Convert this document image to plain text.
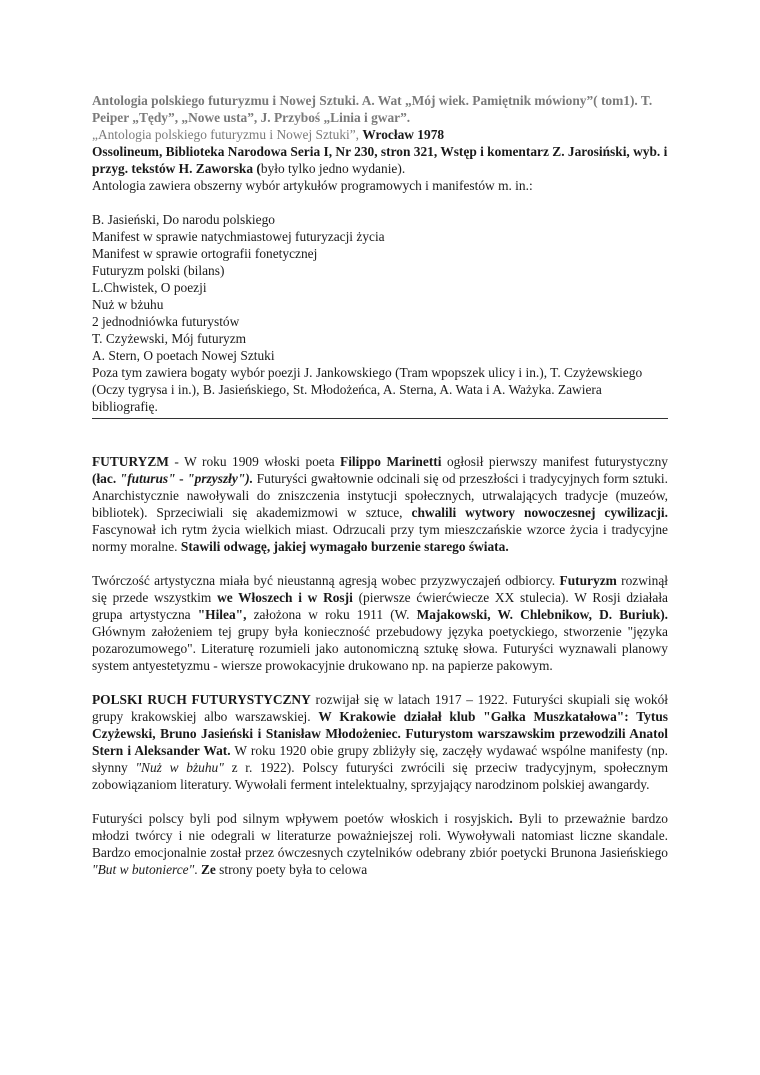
Antologia polskiego futuryzmu i Nowej Sztuki. A. Wat „Mój wiek. Pamiętnik mówiony”( tom1). T. Peiper „Tędy”, „Nowe usta”, J. Przyboś „Linia i gwar”.

„Antologia polskiego futuryzmu i Nowej Sztuki”, Wrocław 1978

Ossolineum, Biblioteka Narodowa Seria I, Nr 230, stron 321, Wstęp i komentarz Z. Jarosiński, wyb. i przyg. tekstów H. Zaworska (było tylko jedno wydanie).

Antologia zawiera obszerny wybór artykułów programowych i manifestów m. in.:

B. Jasieński, Do narodu polskiego
Manifest w sprawie natychmiastowej futuryzacji życia
Manifest w sprawie ortografii fonetycznej
Futuryzm polski (bilans)
L.Chwistek, O poezji
Nuż w bżuhu
2 jednodniówka futurystów
T. Czyżewski, Mój futuryzm
A. Stern, O poetach Nowej Sztuki
Poza tym zawiera bogaty wybór poezji J. Jankowskiego (Tram wpopszek ulicy i in.), T. Czyżewskiego (Oczy tygrysa i in.), B. Jasieńskiego, St. Młodożeńca, A. Sterna, A. Wata i A. Ważyka. Zawiera bibliografię.

FUTURYZM - W roku 1909 włoski poeta Filippo Marinetti ogłosił pierwszy manifest futurystyczny (łac. "futurus" - "przyszły"). Futuryści gwałtownie odcinali się od przeszłości i tradycyjnych form sztuki. Anarchistycznie nawoływali do zniszczenia instytucji społecznych, utrwalających tradycje (muzeów, bibliotek). Sprzeciwiali się akademizmowi w sztuce, chwalili wytwory nowoczesnej cywilizacji. Fascynował ich rytm życia wielkich miast. Odrzucali przy tym mieszczańskie wzorce życia i tradycyjne normy moralne. Stawili odwagę, jakiej wymagało burzenie starego świata.

Twórczość artystyczna miała być nieustanną agresją wobec przyzwyczajeń odbiorcy. Futuryzm rozwinął się przede wszystkim we Włoszech i w Rosji (pierwsze ćwierćwiecze XX stulecia). W Rosji działała grupa artystyczna "Hilea", założona w roku 1911 (W. Majakowski, W. Chlebnikow, D. Buriuk). Głównym założeniem tej grupy była konieczność przebudowy języka poetyckiego, stworzenie "języka pozarozumowego". Literaturę rozumieli jako autonomiczną sztukę słowa. Futuryści wyznawali planowy system antyestetyzmu - wiersze prowokacyjnie drukowano np. na papierze pakowym.

POLSKI RUCH FUTURYSTYCZNY rozwijał się w latach 1917 – 1922. Futuryści skupiali się wokół grupy krakowskiej albo warszawskiej. W Krakowie działał klub "Gałka Muszkatałowa": Tytus Czyżewski, Bruno Jasieński i Stanisław Młodożeniec. Futurystom warszawskim przewodzili Anatol Stern i Aleksander Wat. W roku 1920 obie grupy zbliżyły się, zaczęły wydawać wspólne manifesty (np. słynny "Nuż w bżuhu" z r. 1922). Polscy futuryści zwrócili się przeciw tradycyjnym, społecznym zobowiązaniom literatury. Wywołali ferment intelektualny, sprzyjający narodzinom polskiej awangardy.

Futuryści polscy byli pod silnym wpływem poetów włoskich i rosyjskich. Byli to przeważnie bardzo młodzi twórcy i nie odegrali w literaturze poważniejszej roli. Wywoływali natomiast liczne skandale. Bardzo emocjonalnie został przez ówczesnych czytelników odebrany zbiór poetycki Brunona Jasieńskiego "But w butonierce". Ze strony poety była to celowa
